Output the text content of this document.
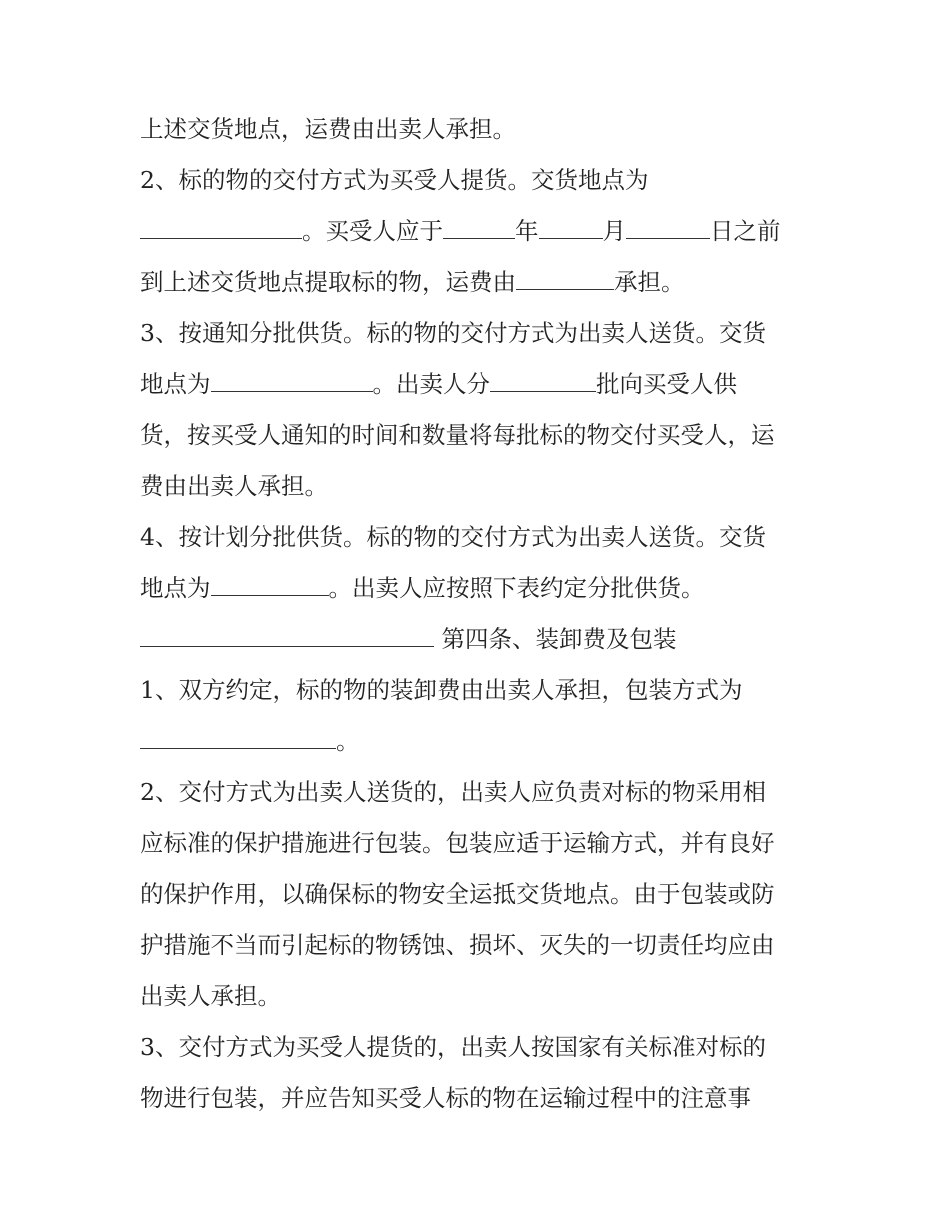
上述交货地点，运费由出卖人承担。
2、标的物的交付方式为买受人提货。交货地点为
。买受人应于	年	月	日之前
到上述交货地点提取标的物，运费由	承担。
3、按通知分批供货。标的物的交付方式为出卖人送货。交货
地点为	。出卖人分	批向买受人供
货，按买受人通知的时间和数量将每批标的物交付买受人，运
费由出卖人承担。
4、按计划分批供货。标的物的交付方式为出卖人送货。交货
地点为	。出卖人应按照下表约定分批供货。
第四条、装卸费及包装
1、双方约定，标的物的装卸费由出卖人承担，包装方式为
。
2、交付方式为出卖人送货的，出卖人应负责对标的物采用相
应标准的保护措施进行包装。包装应适于运输方式，并有良好
的保护作用，以确保标的物安全运抵交货地点。由于包装或防
护措施不当而引起标的物锈蚀、损坏、灭失的一切责任均应由
出卖人承担。
3、交付方式为买受人提货的，出卖人按国家有关标准对标的
物进行包装，并应告知买受人标的物在运输过程中的注意事
